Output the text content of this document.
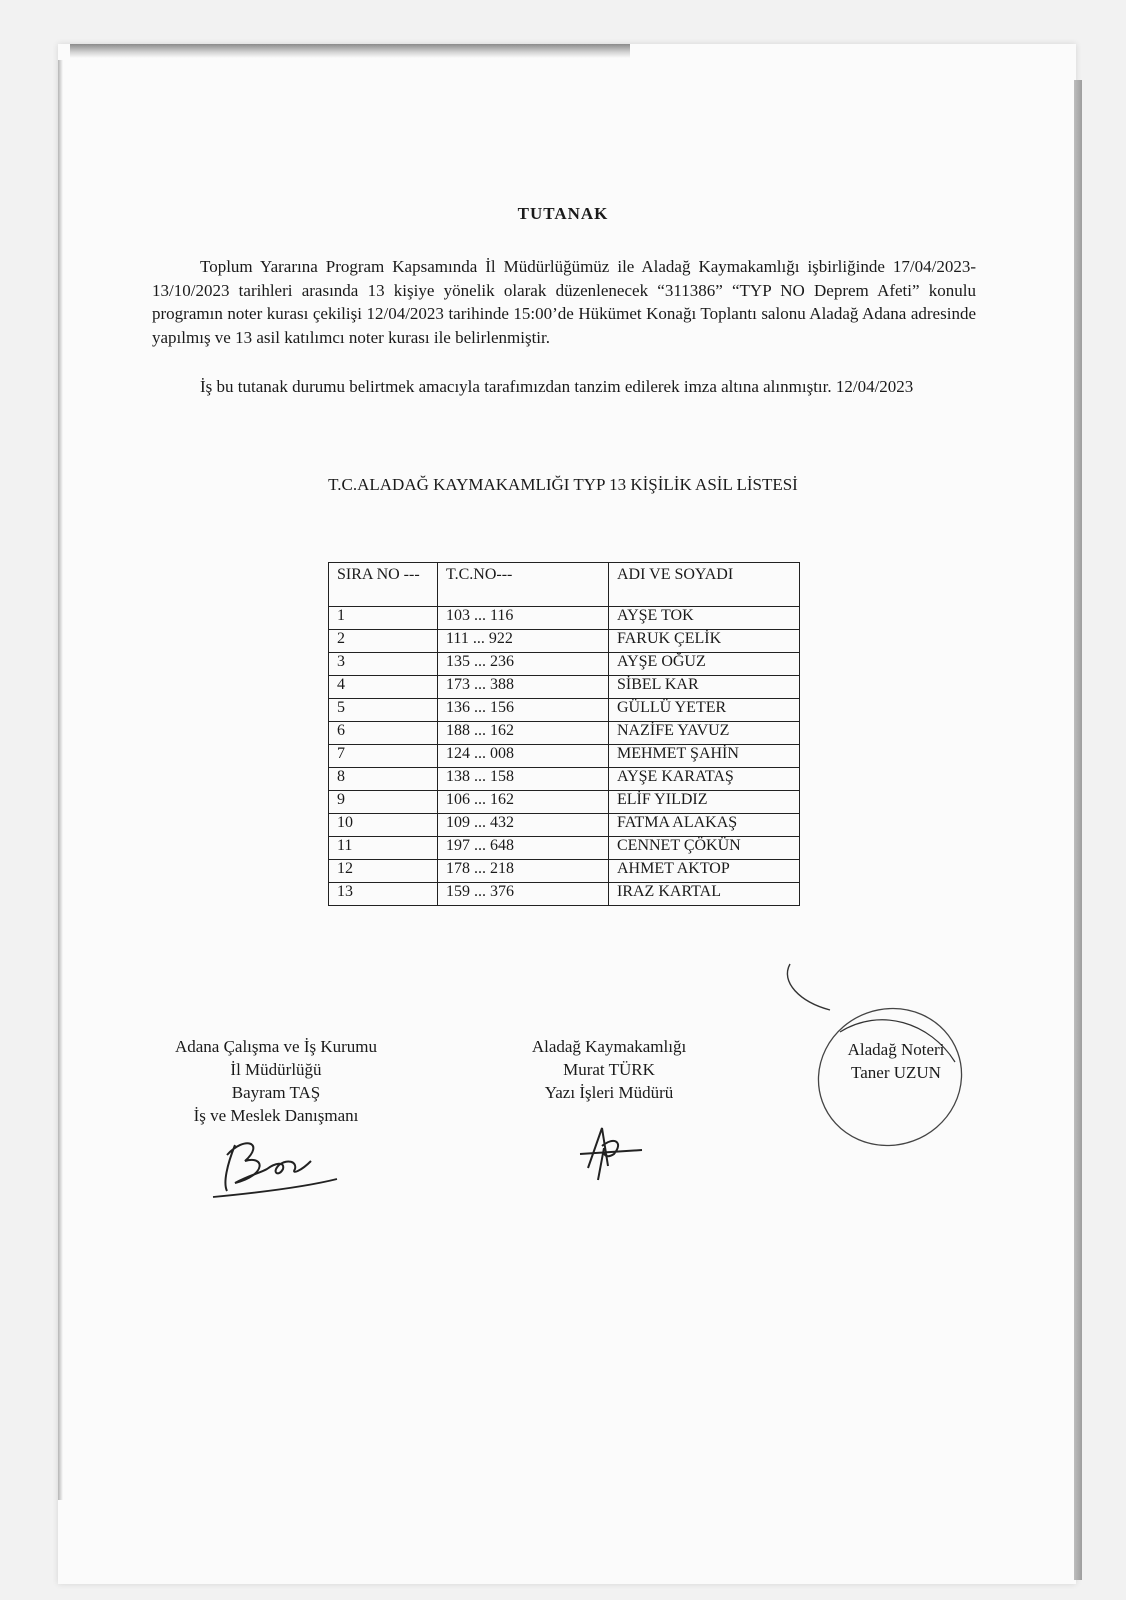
TUTANAK

Toplum Yararına Program Kapsamında İl Müdürlüğümüz ile Aladağ Kaymakamlığı işbirliğinde 17/04/2023-13/10/2023 tarihleri arasında 13 kişiye yönelik olarak düzenlenecek “311386” “TYP NO Deprem Afeti” konulu programın noter kurası çekilişi 12/04/2023 tarihinde 15:00’de Hükümet Konağı Toplantı salonu Aladağ Adana adresinde yapılmış ve 13 asil katılımcı noter kurası ile belirlenmiştir.

İş bu tutanak durumu belirtmek amacıyla tarafımızdan tanzim edilerek imza altına alınmıştır. 12/04/2023

T.C.ALADAĞ KAYMAKAMLIĞI TYP 13 KİŞİLİK ASİL LİSTESİ
SIRA NO ---	T.C.NO---	ADI VE SOYADI
1	103 ... 116	AYŞE TOK
2	111 ... 922	FARUK ÇELİK
3	135 ... 236	AYŞE OĞUZ
4	173 ... 388	SİBEL KAR
5	136 ... 156	GÜLLÜ YETER
6	188 ... 162	NAZİFE YAVUZ
7	124 ... 008	MEHMET ŞAHİN
8	138 ... 158	AYŞE KARATAŞ
9	106 ... 162	ELİF YILDIZ
10	109 ... 432	FATMA ALAKAŞ
11	197 ... 648	CENNET ÇÖKÜN
12	178 ... 218	AHMET AKTOP
13	159 ... 376	IRAZ KARTAL
Adana Çalışma ve İş Kurumu
İl Müdürlüğü
Bayram TAŞ
İş ve Meslek Danışmanı
Aladağ Kaymakamlığı
Murat TÜRK
Yazı İşleri Müdürü
Aladağ Noteri
Taner UZUN
